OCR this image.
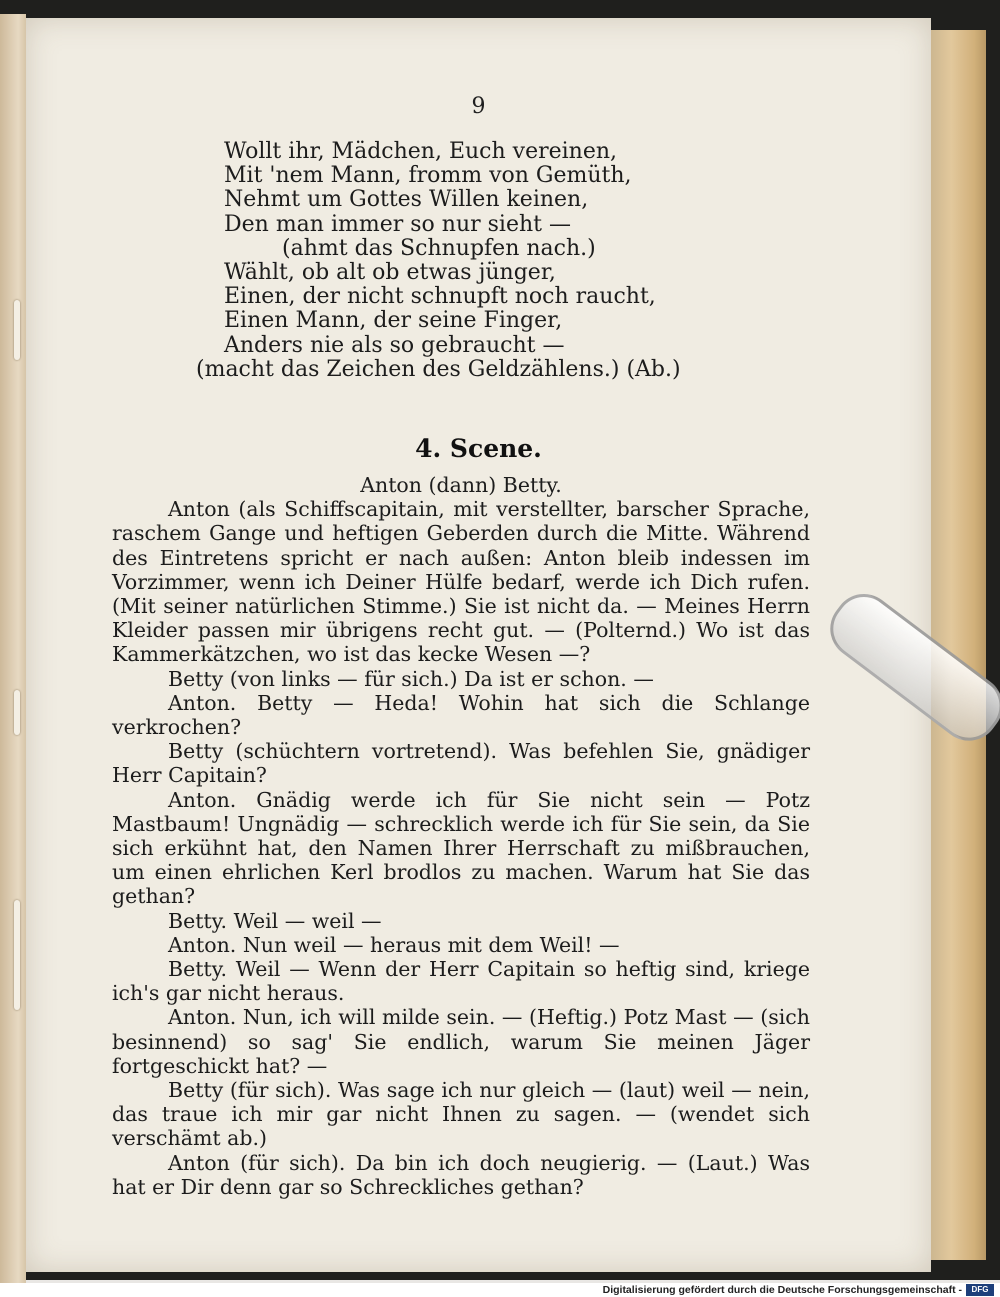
9
Wollt ihr, Mädchen, Euch vereinen,
Mit 'nem Mann, fromm von Gemüth,
Nehmt um Gottes Willen keinen,
Den man immer so nur sieht —
(ahmt das Schnupfen nach.)
Wählt, ob alt ob etwas jünger,
Einen, der nicht schnupft noch raucht,
Einen Mann, der seine Finger,
Anders nie als so gebraucht —
(macht das Zeichen des Geldzählens.) (Ab.)
4. Scene.

Anton (dann) Betty.

Anton (als Schiffscapitain, mit verstellter, barscher Sprache, raschem Gange und heftigen Geberden durch die Mitte. Während des Eintretens spricht er nach außen: Anton bleib indessen im Vorzimmer, wenn ich Deiner Hülfe bedarf, werde ich Dich rufen. (Mit seiner natürlichen Stimme.) Sie ist nicht da. — Meines Herrn Kleider passen mir übrigens recht gut. — (Polternd.) Wo ist das Kammerkätzchen, wo ist das kecke Wesen —?

Betty (von links — für sich.) Da ist er schon. —

Anton. Betty — Heda! Wohin hat sich die Schlange verkrochen?

Betty (schüchtern vortretend). Was befehlen Sie, gnädiger Herr Capitain?

Anton. Gnädig werde ich für Sie nicht sein — Potz Mastbaum! Ungnädig — schrecklich werde ich für Sie sein, da Sie sich erkühnt hat, den Namen Ihrer Herrschaft zu mißbrauchen, um einen ehrlichen Kerl brodlos zu machen. Warum hat Sie das gethan?

Betty. Weil — weil —

Anton. Nun weil — heraus mit dem Weil! —

Betty. Weil — Wenn der Herr Capitain so heftig sind, kriege ich's gar nicht heraus.

Anton. Nun, ich will milde sein. — (Heftig.) Potz Mast — (sich besinnend) so sag' Sie endlich, warum Sie meinen Jäger fortgeschickt hat? —

Betty (für sich). Was sage ich nur gleich — (laut) weil — nein, das traue ich mir gar nicht Ihnen zu sagen. — (wendet sich verschämt ab.)

Anton (für sich). Da bin ich doch neugierig. — (Laut.) Was hat er Dir denn gar so Schreckliches gethan?

Digitalisierung gefördert durch die Deutsche Forschungsgemeinschaft -	DFG
